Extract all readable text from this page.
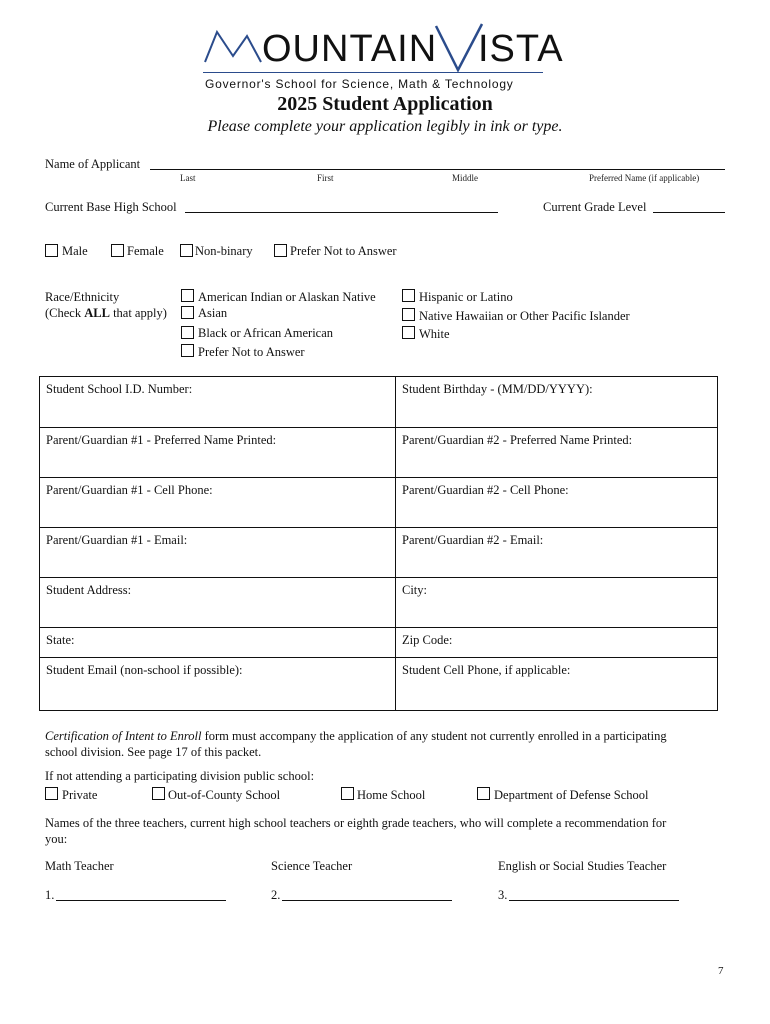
OUNTAIN ISTA
Governor's School for Science, Math & Technology
2025 Student Application
Please complete your application legibly in ink or type.
Name of Applicant
Last	First	Middle	Preferred Name (if applicable)
Current Base High School	Current Grade Level
Male	Female Non-binary	Prefer Not to Answer
Race/Ethnicity
(Check ALL that apply)
American Indian or Alaskan Native
Asian
Black or African American
Prefer Not to Answer
Hispanic or Latino
Native Hawaiian or Other Pacific Islander
White
Student School I.D. Number:	Student Birthday - (MM/DD/YYYY):
Parent/Guardian #1 - Preferred Name Printed:	Parent/Guardian #2 - Preferred Name Printed:
Parent/Guardian #1 - Cell Phone:	Parent/Guardian #2 - Cell Phone:
Parent/Guardian #1 - Email:	Parent/Guardian #2 - Email:
Student Address:	City:
State:	Zip Code:
Student Email (non-school if possible):	Student Cell Phone, if applicable:
Certification of Intent to Enroll form must accompany the application of any student not currently enrolled in a participating
school division. See page 17 of this packet.
If not attending a participating division public school:
Private	Out-of-County School	Home School	Department of Defense School
Names of the three teachers, current high school teachers or eighth grade teachers, who will complete a recommendation for
you:
Math Teacher	Science Teacher	English or Social Studies Teacher
1.	2.	3.
7
